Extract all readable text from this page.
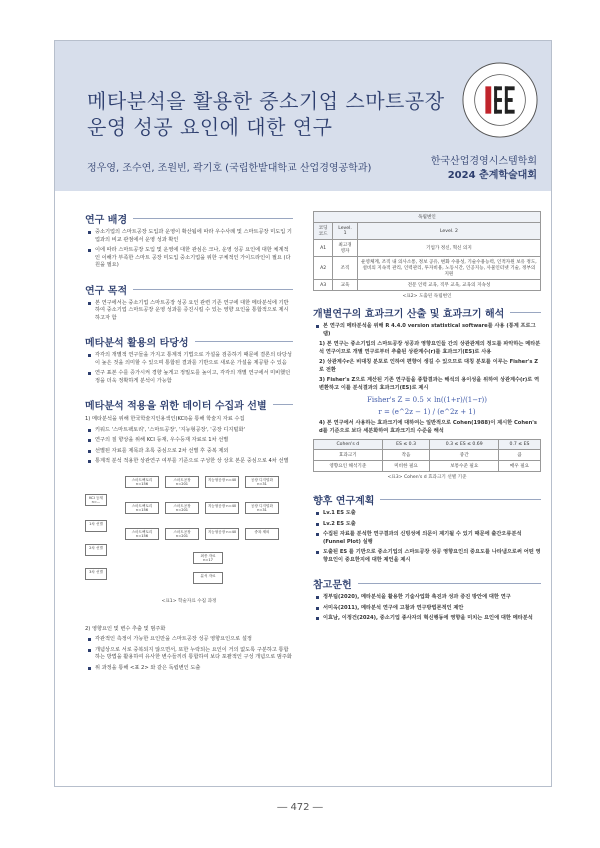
메타분석을 활용한 중소기업 스마트공장
운영 성공 요인에 대한 연구
정우영, 조수연, 조원빈, 곽기호 (국립한밭대학교 산업경영공학과)
한국산업경영시스템학회
2024 춘계학술대회
연구 배경
중소기업의 스마트공장 도입과 운영이 확산됨에 따라 우수사례 및 스마트공장 미도입 기업과의 비교 관점에서 운영 성과 확인
이에 따라 스마트공장 도입 및 운영에 대한 관심은 크나, 운영 성공 요인에 대한 체계적인 이해가 부족한 스마트 공장 미도입 중소기업을 위한 구체적인 가이드라인이 필요 (다원을 필요)
연구 목적
본 연구에서는 중소기업 스마트공장 성공 요인 관련 기존 연구에 대한 메타분석에 기반하여 중소기업 스마트공장 운영 성과를 증진시킬 수 있는 영향 요인을 통합적으로 제시하고자 함
메타분석 활용의 타당성
각각의 개별적 연구들을 가지고 통계적 기법으로 가설을 검증하기 때문에 결론의 타당성이 높은 것을 의미할 수 있으며 통합된 결과를 기반으로 새로운 가설을 제공할 수 있음
연구 표본 수를 증가시켜 경향 높게고 정밀도를 높이고, 각각의 개별 연구에서 미비했던 정을 더욱 정확하게 분석이 가능함
메타분석 적용을 위한 데이터 수집과 선별
1) 메타분석을 위해 한국학술지인용색인(KCI)을 통해 학술지 자료 수집
키워드 '스마트팩토리', '스마트공장', '지능형공장', '공장 디지털화'
연구의 질 향상을 위해 KCI 등재, 우수등재 자료로 1차 선별
선별된 자료를 제목과 초록 중심으로 2차 선별 후 중복 제외
통계적 분석 적용한 상관연구 여부를 기준으로 구성한 상 상호 본문 중심으로 4차 선별
KCI 등재 n=...
1차 선별
2차 선별
3차 선별
스마트팩토리 n=156
스마트공장 n=201
지능형공장 n=40	공장 디지털화 n=31
스마트팩토리 n=156
스마트공장 n=201
지능형공장 n=40	공장 디지털화 n=31
스마트팩토리 n=156
스마트공장 n=201
지능형공장 n=40	중복 제외
최종 자료 n=17
분석 자료
<표1> 학술자료 수집 과정
2) 영향요인 및 변수 추출 및 범주화
각관적인 측정이 가능한 요인만을 스마트공장 성공 영향요인으로 설정
개념상으로 서로 중복되지 않으면서, 또한 누락되는 요인이 거의 없도록 구분하고 통합하는 방법을 활용하여 유사한 변수들끼리 통합하여 보다 포괄적인 구성 개념으로 범주화
위 과정을 통해 <표 2> 와 같은 독립변인 도출
독립변인		
코딩 코드	Level. 1	Level. 2
A1	최고경영자	기업가 정신, 혁신 의지
A2	조직	운영체계, 조직 내 의사소통, 정보 공유, 변화 수용성, 기술수용능력, 인적자원 보유 정도, 설비의 지속적 관리, 인력관리, 투자비용, 노동시간, 인공지능, 사물인터넷 기술, 정부의 지원
A3	교육	전문 인력 교육, 직무 교육, 교육의 지속성
<표2> 도출된 독립변인
개별연구의 효과크기 산출 및 효과크기 해석
본 연구의 메타분석을 위해 R 4.4.0 version statistical software를 사용 (통계 프로그램)
1) 본 연구는 중소기업의 스마트공장 성공과 영향요인들 간의 상관관계의 정도를 파악하는 메타분석 연구이므로 개별 연구로부터 추출된 상관계수(r)를 효과크기(ES)로 사용
2) 상관계수r은 비대칭 분포로 인하여 편향이 생길 수 있으므로 대칭 분포를 이루는 Fisher's Z로 전환
3) Fisher's Z으로 계산된 기존 연구들을 종합결과는 해석의 용이성을 위하여 상관계수(r)로 역 변환하고 이를 분석결과의 효과크기(ES)로 제시
Fisher's Z = 0.5 × ln((1+r)/(1−r))
r = (e^2z − 1) / (e^2z + 1)
4) 본 연구에서 사용하는 효과크기에 대하여는 일반적으로 Cohen(1988)이 제시한 Cohen's d를 기준으로 보다 세분화하여 효과크기의 수준을 해석
Cohen's d	ES ≤ 0.3	0.3 ≤ ES ≤ 0.69	0.7 ≤ ES
효과크기	작음	중간	큼
영향요인 해석기준	미비한 필요	보통수준 필요	매우 필요
<표3> Cohen's d 효과크기 선별 기준
향후 연구계획
Lv.1 ES 도출
Lv.2 ES 도출
수집된 자료를 분석한 연구결과의 신빙성에 의문이 제기될 수 있기 때문에 출간오류분석(Funnel Plot) 실행
도출된 ES 를 기반으로 중소기업의 스마트공장 성공 영향요인의 중요도를 나타냄으로써 어떤 영향요인이 중요한지에 대한 제언을 제시
참고문헌
정부팀(2020), 메타분석을 활용한 기술사업화 촉진과 성과 증진 방안에 대한 연구
서미옥(2011), 메타분석 연구에 고찰과 연구방법론적인 제안
이효남, 이정건(2024), 중소기업 종사자의 혁신행동에 영향을 미치는 요인에 대한 메타분석
― 472 ―
